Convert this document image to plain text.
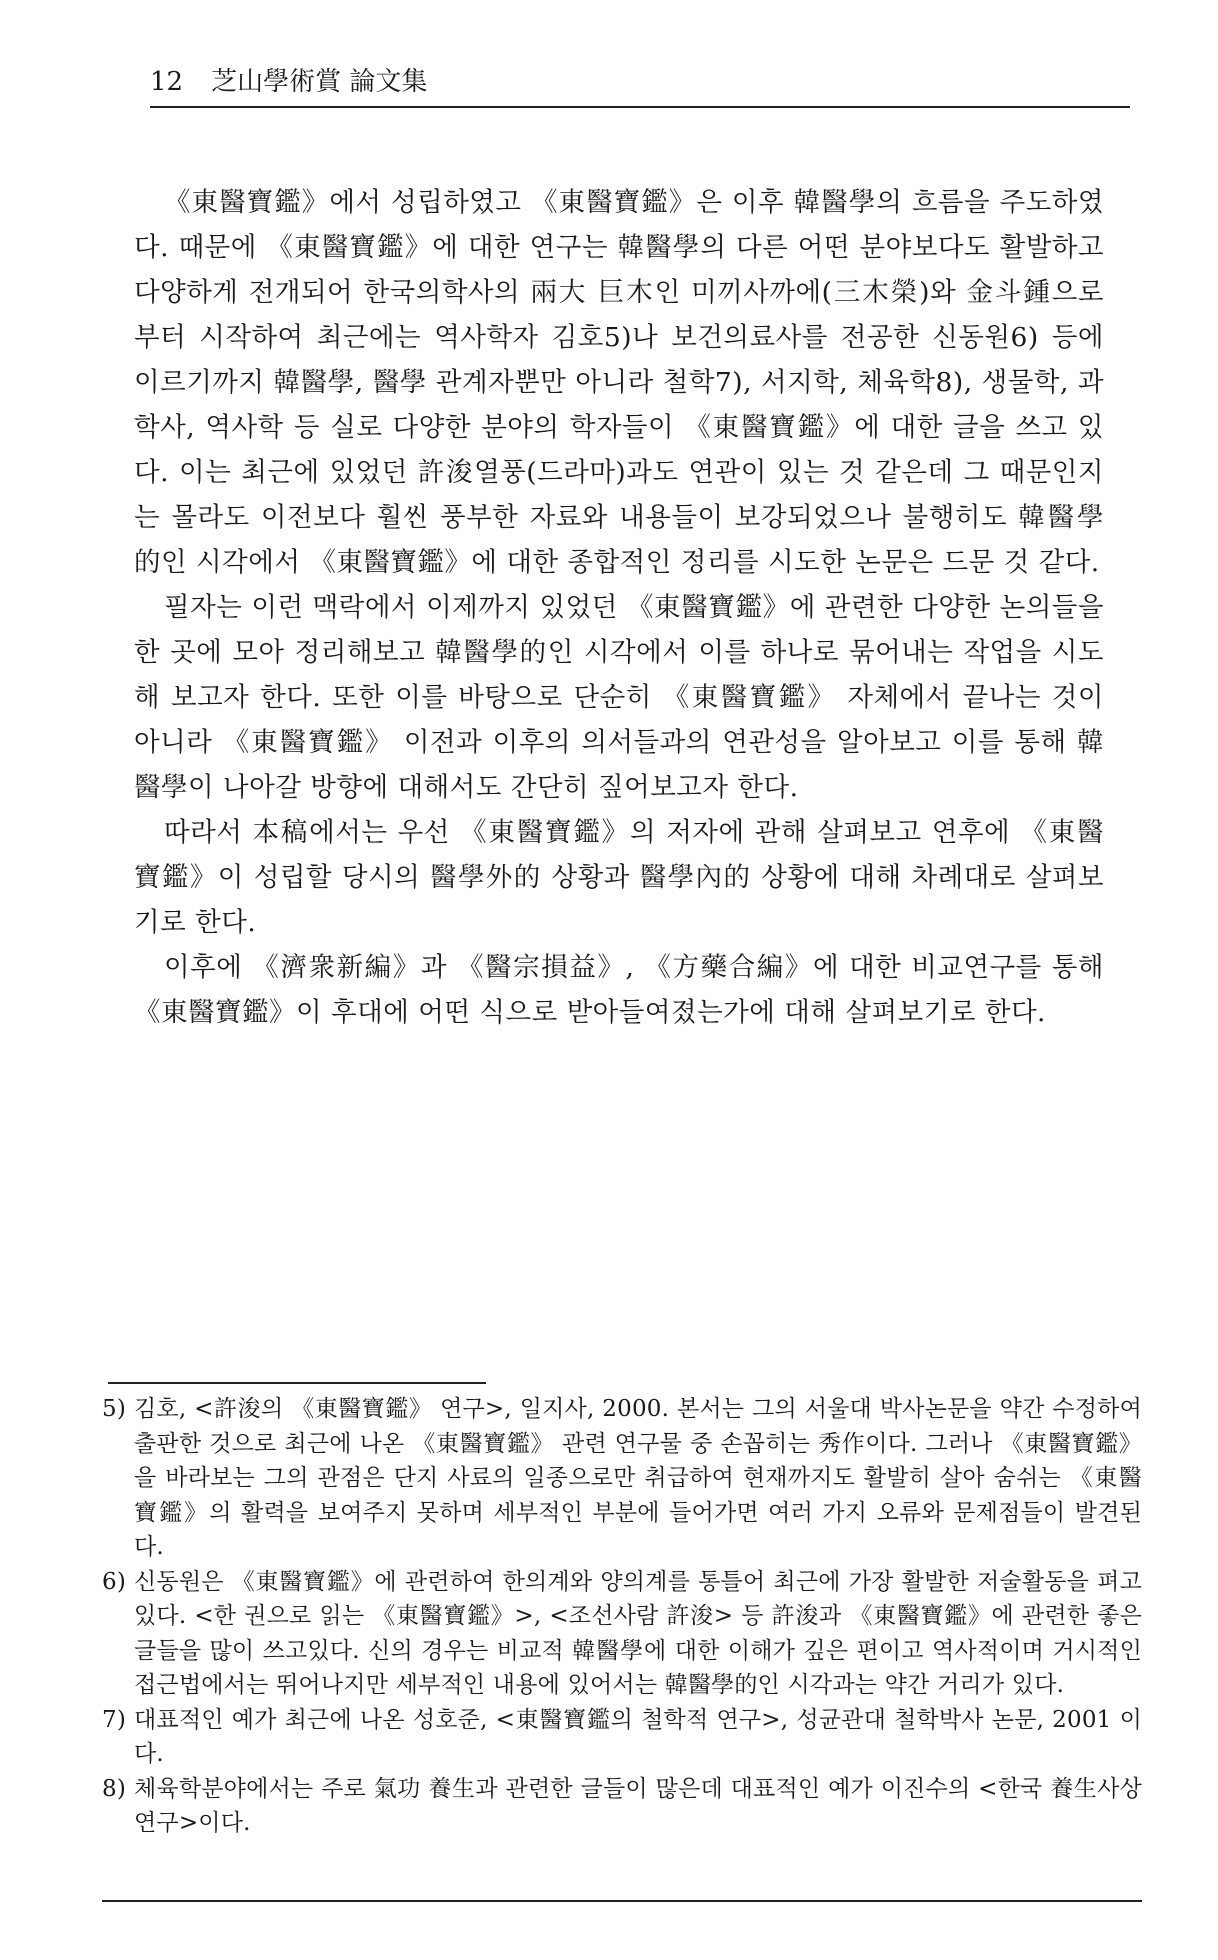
12 芝山學術賞 論文集

《東醫寶鑑》에서 성립하였고 《東醫寶鑑》은 이후 韓醫學의 흐름을 주도하였다. 때문에 《東醫寶鑑》에 대한 연구는 韓醫學의 다른 어떤 분야보다도 활발하고 다양하게 전개되어 한국의학사의 兩大 巨木인 미끼사까에(三木榮)와 金斗鍾으로부터 시작하여 최근에는 역사학자 김호5)나 보건의료사를 전공한 신동원6) 등에 이르기까지 韓醫學, 醫學 관계자뿐만 아니라 철학7), 서지학, 체육학8), 생물학, 과학사, 역사학 등 실로 다양한 분야의 학자들이 《東醫寶鑑》에 대한 글을 쓰고 있다. 이는 최근에 있었던 許浚열풍(드라마)과도 연관이 있는 것 같은데 그 때문인지는 몰라도 이전보다 훨씬 풍부한 자료와 내용들이 보강되었으나 불행히도 韓醫學的인 시각에서 《東醫寶鑑》에 대한 종합적인 정리를 시도한 논문은 드문 것 같다.

필자는 이런 맥락에서 이제까지 있었던 《東醫寶鑑》에 관련한 다양한 논의들을 한 곳에 모아 정리해보고 韓醫學的인 시각에서 이를 하나로 묶어내는 작업을 시도해 보고자 한다. 또한 이를 바탕으로 단순히 《東醫寶鑑》 자체에서 끝나는 것이 아니라 《東醫寶鑑》 이전과 이후의 의서들과의 연관성을 알아보고 이를 통해 韓醫學이 나아갈 방향에 대해서도 간단히 짚어보고자 한다.

따라서 本稿에서는 우선 《東醫寶鑑》의 저자에 관해 살펴보고 연후에 《東醫寶鑑》이 성립할 당시의 醫學外的 상황과 醫學內的 상황에 대해 차례대로 살펴보기로 한다.

이후에 《濟衆新編》과 《醫宗損益》, 《方藥合編》에 대한 비교연구를 통해 《東醫寶鑑》이 후대에 어떤 식으로 받아들여졌는가에 대해 살펴보기로 한다.

5) 김호, <許浚의 《東醫寶鑑》 연구>, 일지사, 2000. 본서는 그의 서울대 박사논문을 약간 수정하여 출판한 것으로 최근에 나온 《東醫寶鑑》 관련 연구물 중 손꼽히는 秀作이다. 그러나 《東醫寶鑑》을 바라보는 그의 관점은 단지 사료의 일종으로만 취급하여 현재까지도 활발히 살아 숨쉬는 《東醫寶鑑》의 활력을 보여주지 못하며 세부적인 부분에 들어가면 여러 가지 오류와 문제점들이 발견된다.
6) 신동원은 《東醫寶鑑》에 관련하여 한의계와 양의계를 통틀어 최근에 가장 활발한 저술활동을 펴고 있다. <한 권으로 읽는 《東醫寶鑑》>, <조선사람 許浚> 등 許浚과 《東醫寶鑑》에 관련한 좋은 글들을 많이 쓰고있다. 신의 경우는 비교적 韓醫學에 대한 이해가 깊은 편이고 역사적이며 거시적인 접근법에서는 뛰어나지만 세부적인 내용에 있어서는 韓醫學的인 시각과는 약간 거리가 있다.
7) 대표적인 예가 최근에 나온 성호준, <東醫寶鑑의 철학적 연구>, 성균관대 철학박사 논문, 2001 이다.
8) 체육학분야에서는 주로 氣功 養生과 관련한 글들이 많은데 대표적인 예가 이진수의 <한국 養生사상 연구>이다.
